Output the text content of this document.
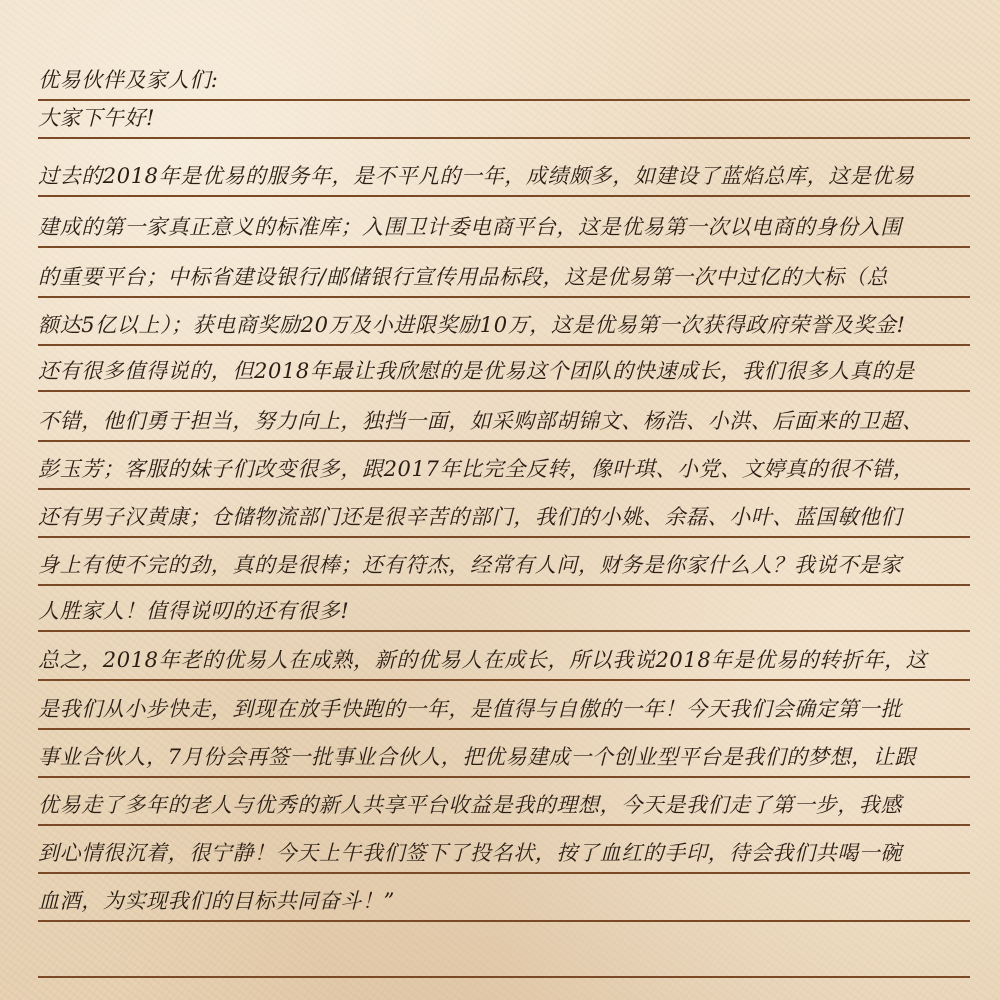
优易伙伴及家人们:
大家下午好!
过去的2018年是优易的服务年，是不平凡的一年，成绩颇多，如建设了蓝焰总库，这是优易
建成的第一家真正意义的标准库；入围卫计委电商平台，这是优易第一次以电商的身份入围
的重要平台；中标省建设银行/邮储银行宣传用品标段，这是优易第一次中过亿的大标（总
额达5亿以上）；获电商奖励20万及小进限奖励10万，这是优易第一次获得政府荣誉及奖金!
还有很多值得说的，但2018年最让我欣慰的是优易这个团队的快速成长，我们很多人真的是
不错，他们勇于担当，努力向上，独挡一面，如采购部胡锦文、杨浩、小洪、后面来的卫超、
彭玉芳；客服的妹子们改变很多，跟2017年比完全反转，像叶琪、小党、文婷真的很不错，
还有男子汉黄康；仓储物流部门还是很辛苦的部门，我们的小姚、余磊、小叶、蓝国敏他们
身上有使不完的劲，真的是很棒；还有符杰，经常有人问，财务是你家什么人？我说不是家
人胜家人！值得说叨的还有很多!
总之，2018年老的优易人在成熟，新的优易人在成长，所以我说2018年是优易的转折年，这
是我们从小步快走，到现在放手快跑的一年，是值得与自傲的一年！今天我们会确定第一批
事业合伙人，7月份会再签一批事业合伙人，把优易建成一个创业型平台是我们的梦想，让跟
优易走了多年的老人与优秀的新人共享平台收益是我的理想，今天是我们走了第一步，我感
到心情很沉着，很宁静！今天上午我们签下了投名状，按了血红的手印，待会我们共喝一碗
血酒，为实现我们的目标共同奋斗！”
